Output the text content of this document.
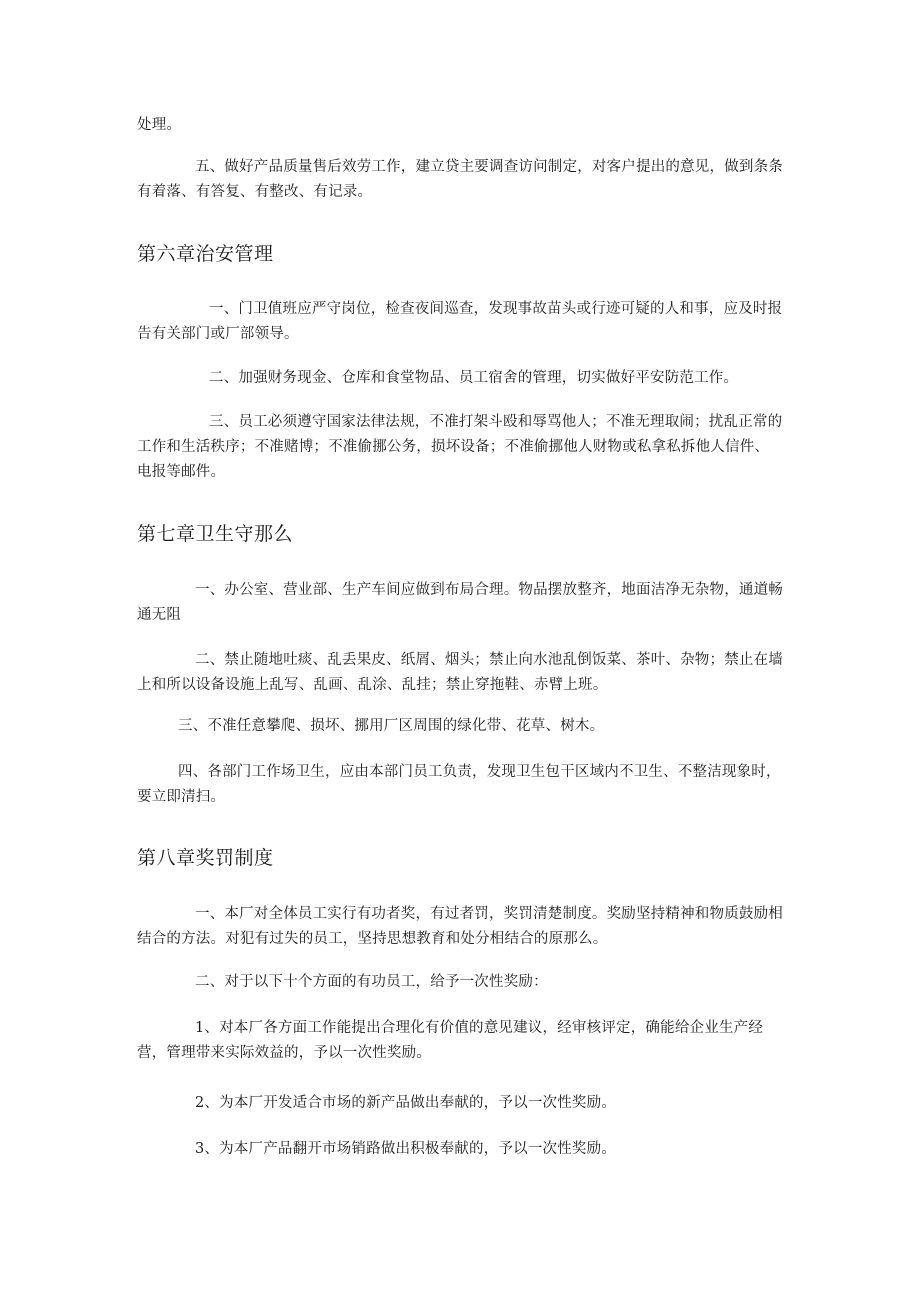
处理。

五、做好产品质量售后效劳工作，建立贷主要调查访问制定，对客户提出的意见，做到条条有着落、有答复、有整改、有记录。

第六章治安管理

一、门卫值班应严守岗位，检查夜间巡查，发现事故苗头或行迹可疑的人和事，应及时报告有关部门或厂部领导。

二、加强财务现金、仓库和食堂物品、员工宿舍的管理，切实做好平安防范工作。

三、员工必须遵守国家法律法规，不准打架斗殴和辱骂他人；不准无理取闹；扰乱正常的工作和生活秩序；不准赌博；不准偷挪公务，损坏设备；不准偷挪他人财物或私拿私拆他人信件、电报等邮件。

第七章卫生守那么

一、办公室、营业部、生产车间应做到布局合理。物品摆放整齐，地面洁净无杂物，通道畅通无阻

二、禁止随地吐痰、乱丢果皮、纸屑、烟头；禁止向水池乱倒饭菜、茶叶、杂物；禁止在墙上和所以设备设施上乱写、乱画、乱涂、乱挂；禁止穿拖鞋、赤臂上班。

三、不准任意攀爬、损坏、挪用厂区周围的绿化带、花草、树木。

四、各部门工作场卫生，应由本部门员工负责，发现卫生包干区域内不卫生、不整洁现象时，要立即清扫。

第八章奖罚制度

一、本厂对全体员工实行有功者奖，有过者罚，奖罚清楚制度。奖励坚持精神和物质鼓励相结合的方法。对犯有过失的员工，坚持思想教育和处分相结合的原那么。

二、对于以下十个方面的有功员工，给予一次性奖励：

1、对本厂各方面工作能提出合理化有价值的意见建议，经审核评定，确能给企业生产经营，管理带来实际效益的，予以一次性奖励。

2、为本厂开发适合市场的新产品做出奉献的，予以一次性奖励。

3、为本厂产品翻开市场销路做出积极奉献的，予以一次性奖励。
